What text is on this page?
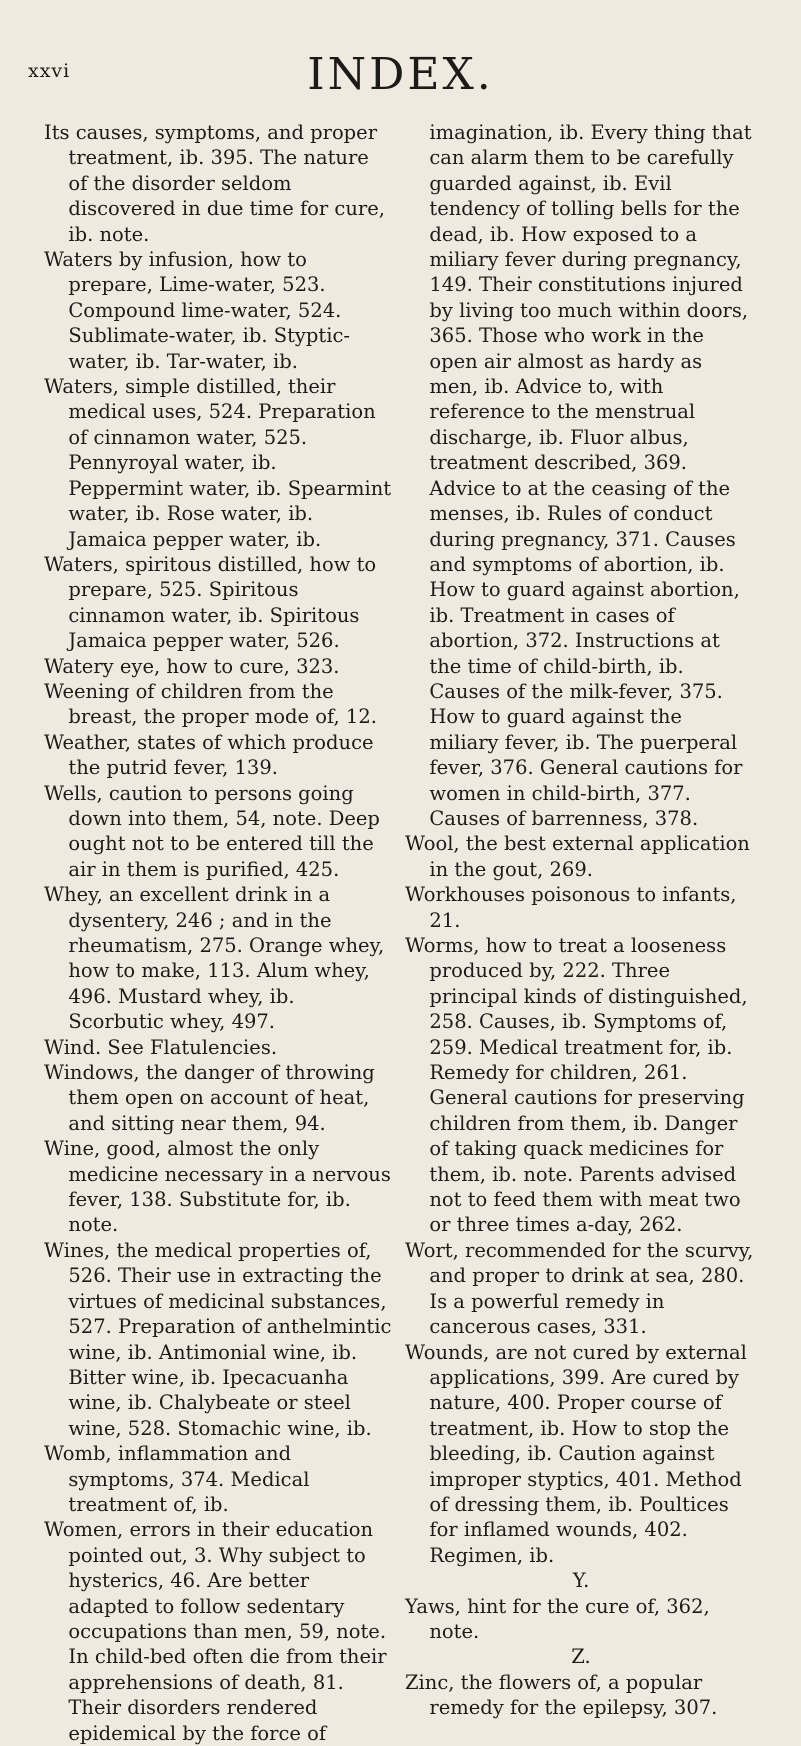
xxvi	INDEX.

Its causes, symptoms, and proper treatment, ib. 395. The nature of the disorder seldom discovered in due time for cure, ib. note.

Waters by infusion, how to prepare, Lime-water, 523. Compound lime-water, 524. Sublimate-water, ib. Styptic-water, ib. Tar-water, ib.

Waters, simple distilled, their medical uses, 524. Preparation of cinnamon water, 525. Pennyroyal water, ib. Peppermint water, ib. Spearmint water, ib. Rose water, ib. Jamaica pepper water, ib.

Waters, spiritous distilled, how to prepare, 525. Spiritous cinnamon water, ib. Spiritous Jamaica pepper water, 526.

Watery eye, how to cure, 323.

Weening of children from the breast, the proper mode of, 12.

Weather, states of which produce the putrid fever, 139.

Wells, caution to persons going down into them, 54, note. Deep ought not to be entered till the air in them is purified, 425.

Whey, an excellent drink in a dysentery, 246 ; and in the rheumatism, 275. Orange whey, how to make, 113. Alum whey, 496. Mustard whey, ib. Scorbutic whey, 497.

Wind. See Flatulencies.

Windows, the danger of throwing them open on account of heat, and sitting near them, 94.

Wine, good, almost the only medicine necessary in a nervous fever, 138. Substitute for, ib. note.

Wines, the medical properties of, 526. Their use in extracting the virtues of medicinal substances, 527. Preparation of anthelmintic wine, ib. Antimonial wine, ib. Bitter wine, ib. Ipecacuanha wine, ib. Chalybeate or steel wine, 528. Stomachic wine, ib.

Womb, inflammation and symptoms, 374. Medical treatment of, ib.

Women, errors in their education pointed out, 3. Why subject to hysterics, 46. Are better adapted to follow sedentary occupations than men, 59, note. In child-bed often die from their apprehensions of death, 81. Their disorders rendered epidemical by the force of

imagination, ib. Every thing that can alarm them to be carefully guarded against, ib. Evil tendency of tolling bells for the dead, ib. How exposed to a miliary fever during pregnancy, 149. Their constitutions injured by living too much within doors, 365. Those who work in the open air almost as hardy as men, ib. Advice to, with reference to the menstrual discharge, ib. Fluor albus, treatment described, 369. Advice to at the ceasing of the menses, ib. Rules of conduct during pregnancy, 371. Causes and symptoms of abortion, ib. How to guard against abortion, ib. Treatment in cases of abortion, 372. Instructions at the time of child-birth, ib. Causes of the milk-fever, 375. How to guard against the miliary fever, ib. The puerperal fever, 376. General cautions for women in child-birth, 377. Causes of barrenness, 378.

Wool, the best external application in the gout, 269.

Workhouses poisonous to infants, 21.

Worms, how to treat a looseness produced by, 222. Three principal kinds of distinguished, 258. Causes, ib. Symptoms of, 259. Medical treatment for, ib. Remedy for children, 261. General cautions for preserving children from them, ib. Danger of taking quack medicines for them, ib. note. Parents advised not to feed them with meat two or three times a-day, 262.

Wort, recommended for the scurvy, and proper to drink at sea, 280. Is a powerful remedy in cancerous cases, 331.

Wounds, are not cured by external applications, 399. Are cured by nature, 400. Proper course of treatment, ib. How to stop the bleeding, ib. Caution against improper styptics, 401. Method of dressing them, ib. Poultices for inflamed wounds, 402. Regimen, ib.

Y.

Yaws, hint for the cure of, 362, note.

Z.

Zinc, the flowers of, a popular remedy for the epilepsy, 307.
